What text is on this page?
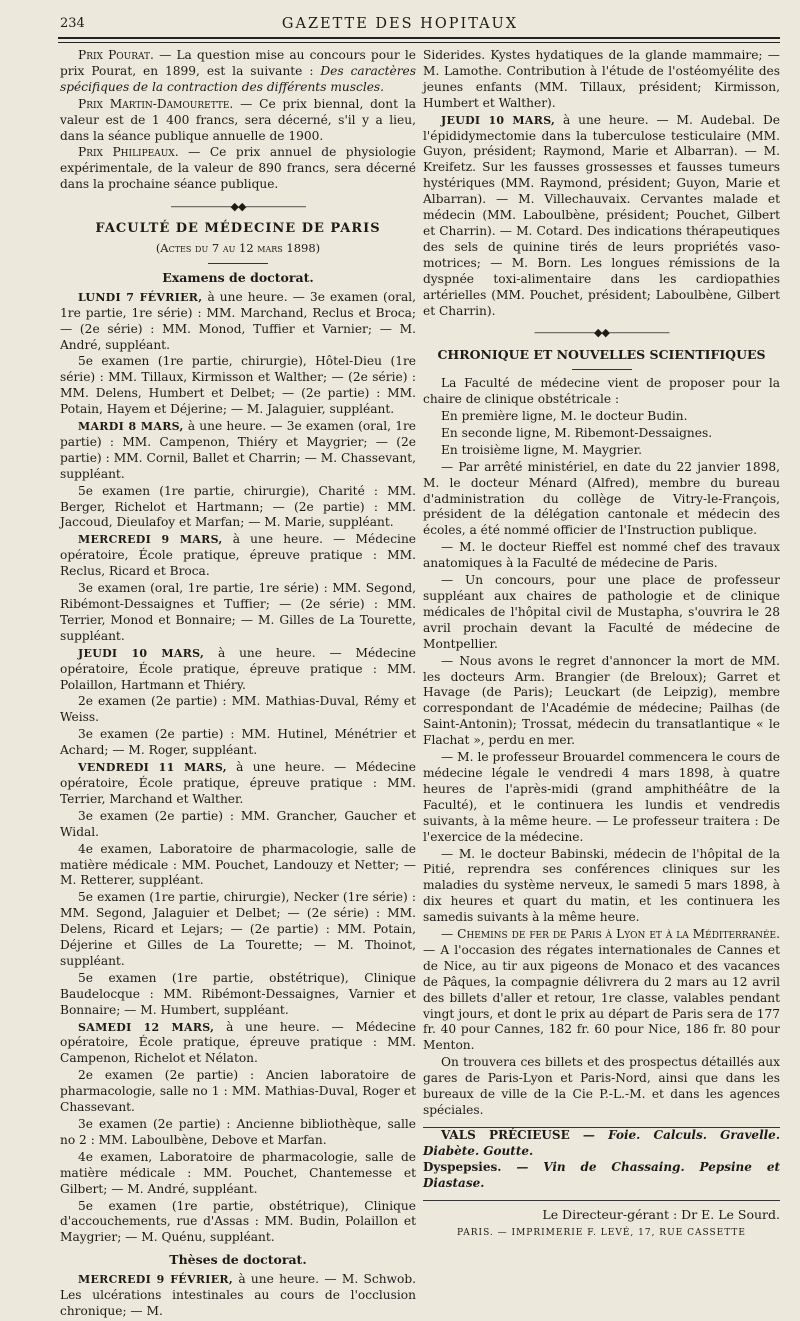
234	GAZETTE DES HOPITAUX

Prix Pourat. — La question mise au concours pour le prix Pourat, en 1899, est la suivante : Des caractères spécifiques de la contraction des différents muscles.

Prix Martin-Damourette. — Ce prix biennal, dont la valeur est de 1 400 francs, sera décerné, s'il y a lieu, dans la séance publique annuelle de 1900.

Prix Philipeaux. — Ce prix annuel de physiologie expérimentale, de la valeur de 890 francs, sera décerné dans la prochaine séance publique.

——————◆◆——————
FACULTÉ DE MÉDECINE DE PARIS
(Actes du 7 au 12 mars 1898)
Examens de doctorat.

LUNDI 7 FÉVRIER, à une heure. — 3e examen (oral, 1re partie, 1re série) : MM. Marchand, Reclus et Broca; — (2e série) : MM. Monod, Tuffier et Varnier; — M. André, suppléant.

5e examen (1re partie, chirurgie), Hôtel-Dieu (1re série) : MM. Tillaux, Kirmisson et Walther; — (2e série) : MM. Delens, Humbert et Delbet; — (2e partie) : MM. Potain, Hayem et Déjerine; — M. Jalaguier, suppléant.

MARDI 8 MARS, à une heure. — 3e examen (oral, 1re partie) : MM. Campenon, Thiéry et Maygrier; — (2e partie) : MM. Cornil, Ballet et Charrin; — M. Chassevant, suppléant.

5e examen (1re partie, chirurgie), Charité : MM. Berger, Richelot et Hartmann; — (2e partie) : MM. Jaccoud, Dieulafoy et Marfan; — M. Marie, suppléant.

MERCREDI 9 MARS, à une heure. — Médecine opératoire, École pratique, épreuve pratique : MM. Reclus, Ricard et Broca.

3e examen (oral, 1re partie, 1re série) : MM. Segond, Ribémont-Dessaignes et Tuffier; — (2e série) : MM. Terrier, Monod et Bonnaire; — M. Gilles de La Tourette, suppléant.

JEUDI 10 MARS, à une heure. — Médecine opératoire, École pratique, épreuve pratique : MM. Polaillon, Hartmann et Thiéry.

2e examen (2e partie) : MM. Mathias-Duval, Rémy et Weiss.

3e examen (2e partie) : MM. Hutinel, Ménétrier et Achard; — M. Roger, suppléant.

VENDREDI 11 MARS, à une heure. — Médecine opératoire, École pratique, épreuve pratique : MM. Terrier, Marchand et Walther.

3e examen (2e partie) : MM. Grancher, Gaucher et Widal.

4e examen, Laboratoire de pharmacologie, salle de matière médicale : MM. Pouchet, Landouzy et Netter; — M. Retterer, suppléant.

5e examen (1re partie, chirurgie), Necker (1re série) : MM. Segond, Jalaguier et Delbet; — (2e série) : MM. Delens, Ricard et Lejars; — (2e partie) : MM. Potain, Déjerine et Gilles de La Tourette; — M. Thoinot, suppléant.

5e examen (1re partie, obstétrique), Clinique Baudelocque : MM. Ribémont-Dessaignes, Varnier et Bonnaire; — M. Humbert, suppléant.

SAMEDI 12 MARS, à une heure. — Médecine opératoire, École pratique, épreuve pratique : MM. Campenon, Richelot et Nélaton.

2e examen (2e partie) : Ancien laboratoire de pharmacologie, salle no 1 : MM. Mathias-Duval, Roger et Chassevant.

3e examen (2e partie) : Ancienne bibliothèque, salle no 2 : MM. Laboulbène, Debove et Marfan.

4e examen, Laboratoire de pharmacologie, salle de matière médicale : MM. Pouchet, Chantemesse et Gilbert; — M. André, suppléant.

5e examen (1re partie, obstétrique), Clinique d'accouchements, rue d'Assas : MM. Budin, Polaillon et Maygrier; — M. Quénu, suppléant.

Thèses de doctorat.

MERCREDI 9 FÉVRIER, à une heure. — M. Schwob. Les ulcérations intestinales au cours de l'occlusion chronique; — M.

Siderides. Kystes hydatiques de la glande mammaire; — M. Lamothe. Contribution à l'étude de l'ostéomyélite des jeunes enfants (MM. Tillaux, président; Kirmisson, Humbert et Walther).

JEUDI 10 MARS, à une heure. — M. Audebal. De l'épididymectomie dans la tuberculose testiculaire (MM. Guyon, président; Raymond, Marie et Albarran). — M. Kreifetz. Sur les fausses grossesses et fausses tumeurs hystériques (MM. Raymond, président; Guyon, Marie et Albarran). — M. Villechauvaix. Cervantes malade et médecin (MM. Laboulbène, président; Pouchet, Gilbert et Charrin). — M. Cotard. Des indications thérapeutiques des sels de quinine tirés de leurs propriétés vaso-motrices; — M. Born. Les longues rémissions de la dyspnée toxi-alimentaire dans les cardiopathies artérielles (MM. Pouchet, président; Laboulbène, Gilbert et Charrin).

——————◆◆——————
CHRONIQUE ET NOUVELLES SCIENTIFIQUES

La Faculté de médecine vient de proposer pour la chaire de clinique obstétricale :

En première ligne, M. le docteur Budin.

En seconde ligne, M. Ribemont-Dessaignes.

En troisième ligne, M. Maygrier.

— Par arrêté ministériel, en date du 22 janvier 1898, M. le docteur Ménard (Alfred), membre du bureau d'administration du collège de Vitry-le-François, président de la délégation cantonale et médecin des écoles, a été nommé officier de l'Instruction publique.

— M. le docteur Rieffel est nommé chef des travaux anatomiques à la Faculté de médecine de Paris.

— Un concours, pour une place de professeur suppléant aux chaires de pathologie et de clinique médicales de l'hôpital civil de Mustapha, s'ouvrira le 28 avril prochain devant la Faculté de médecine de Montpellier.

— Nous avons le regret d'annoncer la mort de MM. les docteurs Arm. Brangier (de Breloux); Garret et Havage (de Paris); Leuckart (de Leipzig), membre correspondant de l'Académie de médecine; Pailhas (de Saint-Antonin); Trossat, médecin du transatlantique « le Flachat », perdu en mer.

— M. le professeur Brouardel commencera le cours de médecine légale le vendredi 4 mars 1898, à quatre heures de l'après-midi (grand amphithéâtre de la Faculté), et le continuera les lundis et vendredis suivants, à la même heure. — Le professeur traitera : De l'exercice de la médecine.

— M. le docteur Babinski, médecin de l'hôpital de la Pitié, reprendra ses conférences cliniques sur les maladies du système nerveux, le samedi 5 mars 1898, à dix heures et quart du matin, et les continuera les samedis suivants à la même heure.

— Chemins de fer de Paris à Lyon et à la Méditerranée. — A l'occasion des régates internationales de Cannes et de Nice, au tir aux pigeons de Monaco et des vacances de Pâques, la compagnie délivrera du 2 mars au 12 avril des billets d'aller et retour, 1re classe, valables pendant vingt jours, et dont le prix au départ de Paris sera de 177 fr. 40 pour Cannes, 182 fr. 60 pour Nice, 186 fr. 80 pour Menton.

On trouvera ces billets et des prospectus détaillés aux gares de Paris-Lyon et Paris-Nord, ainsi que dans les bureaux de ville de la Cie P.-L.-M. et dans les agences spéciales.

VALS PRÉCIEUSE — Foie. Calculs. Gravelle. Diabète. Goutte.
Dyspepsies. — Vin de Chassaing. Pepsine et Diastase.

Le Directeur-gérant : Dr E. Le Sourd.
PARIS. — IMPRIMERIE F. LEVÉ, 17, RUE CASSETTE
